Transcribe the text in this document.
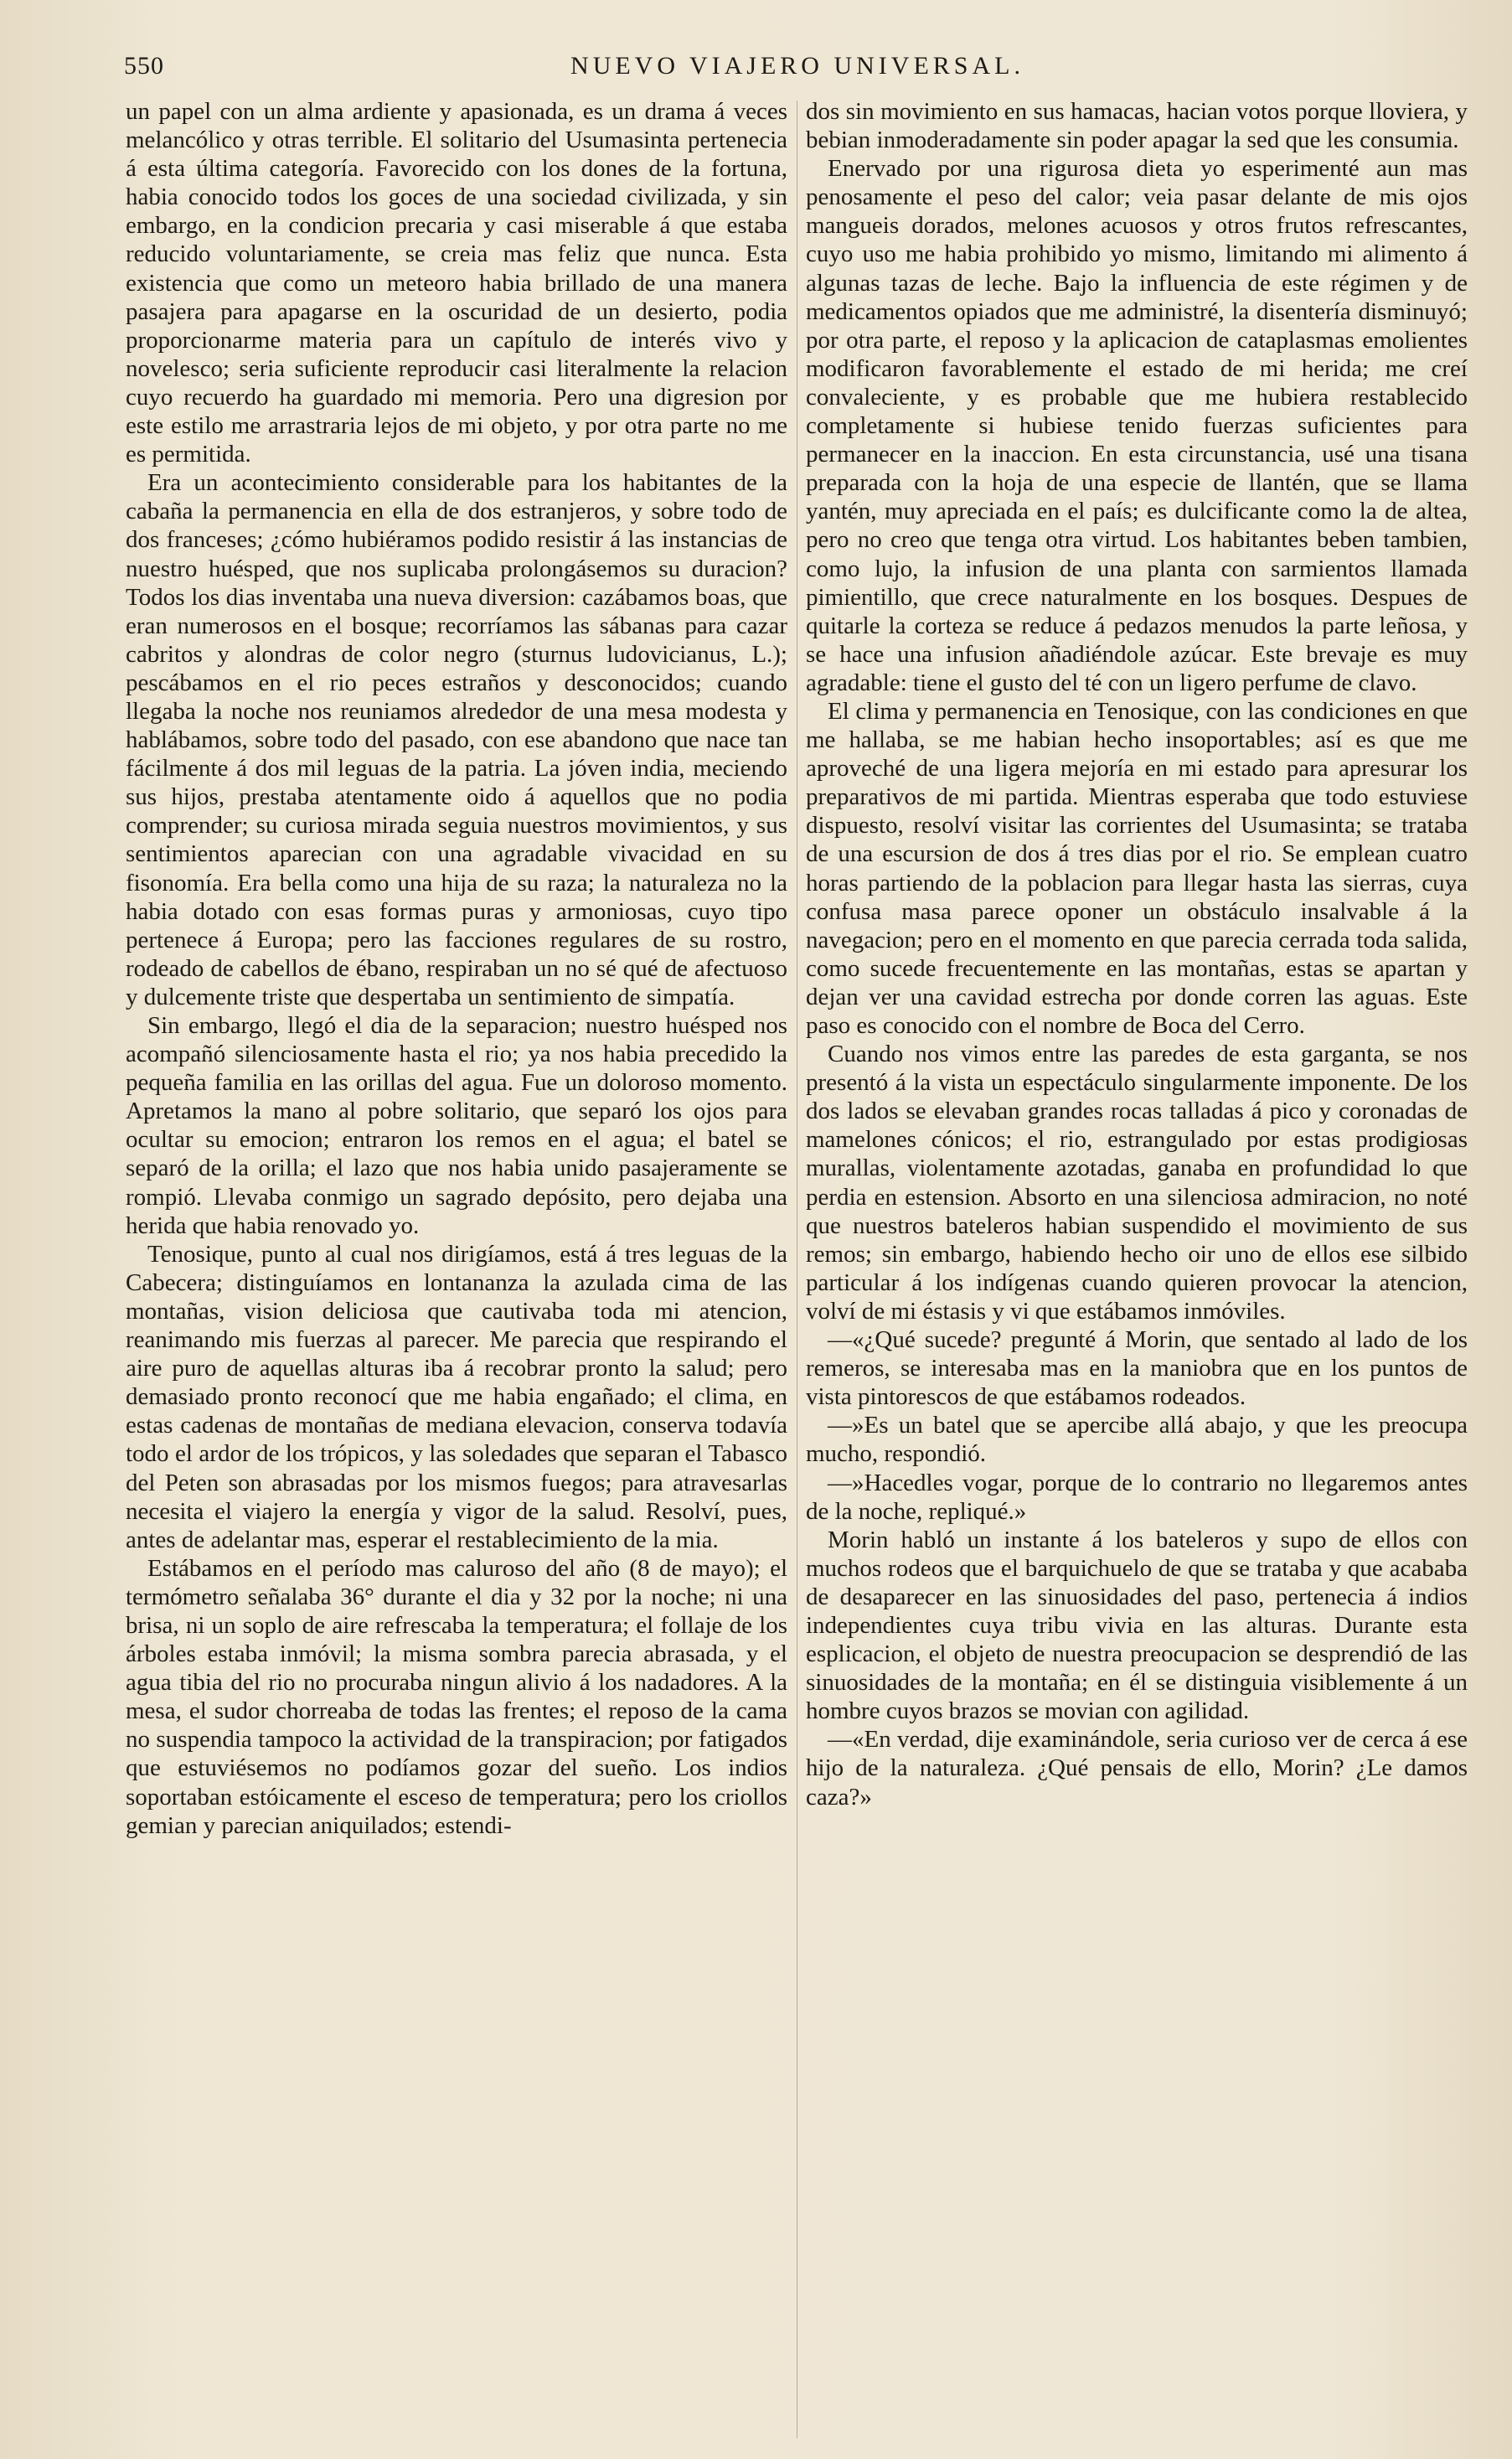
550	NUEVO VIAJERO UNIVERSAL.

un papel con un alma ardiente y apasionada, es un drama á veces melancólico y otras terrible. El solitario del Usumasinta pertenecia á esta última categoría. Favorecido con los dones de la fortuna, habia conocido todos los goces de una sociedad civilizada, y sin embargo, en la condicion precaria y casi miserable á que estaba reducido voluntariamente, se creia mas feliz que nunca. Esta existencia que como un meteoro habia brillado de una manera pasajera para apagarse en la oscuridad de un desierto, podia proporcionarme materia para un capítulo de interés vivo y novelesco; seria suficiente reproducir casi literalmente la relacion cuyo recuerdo ha guardado mi memoria. Pero una digresion por este estilo me arrastraria lejos de mi objeto, y por otra parte no me es permitida.

Era un acontecimiento considerable para los habitantes de la cabaña la permanencia en ella de dos estranjeros, y sobre todo de dos franceses; ¿cómo hubiéramos podido resistir á las instancias de nuestro huésped, que nos suplicaba prolongásemos su duracion? Todos los dias inventaba una nueva diversion: cazábamos boas, que eran numerosos en el bosque; recorríamos las sábanas para cazar cabritos y alondras de color negro (sturnus ludovicianus, L.); pescábamos en el rio peces estraños y desconocidos; cuando llegaba la noche nos reuniamos alrededor de una mesa modesta y hablábamos, sobre todo del pasado, con ese abandono que nace tan fácilmente á dos mil leguas de la patria. La jóven india, meciendo sus hijos, prestaba atentamente oido á aquellos que no podia comprender; su curiosa mirada seguia nuestros movimientos, y sus sentimientos aparecian con una agradable vivacidad en su fisonomía. Era bella como una hija de su raza; la naturaleza no la habia dotado con esas formas puras y armoniosas, cuyo tipo pertenece á Europa; pero las facciones regulares de su rostro, rodeado de cabellos de ébano, respiraban un no sé qué de afectuoso y dulcemente triste que despertaba un sentimiento de simpatía.

Sin embargo, llegó el dia de la separacion; nuestro huésped nos acompañó silenciosamente hasta el rio; ya nos habia precedido la pequeña familia en las orillas del agua. Fue un doloroso momento. Apretamos la mano al pobre solitario, que separó los ojos para ocultar su emocion; entraron los remos en el agua; el batel se separó de la orilla; el lazo que nos habia unido pasajeramente se rompió. Llevaba conmigo un sagrado depósito, pero dejaba una herida que habia renovado yo.

Tenosique, punto al cual nos dirigíamos, está á tres leguas de la Cabecera; distinguíamos en lontananza la azulada cima de las montañas, vision deliciosa que cautivaba toda mi atencion, reanimando mis fuerzas al parecer. Me parecia que respirando el aire puro de aquellas alturas iba á recobrar pronto la salud; pero demasiado pronto reconocí que me habia engañado; el clima, en estas cadenas de montañas de mediana elevacion, conserva todavía todo el ardor de los trópicos, y las soledades que separan el Tabasco del Peten son abrasadas por los mismos fuegos; para atravesarlas necesita el viajero la energía y vigor de la salud. Resolví, pues, antes de adelantar mas, esperar el restablecimiento de la mia.

Estábamos en el período mas caluroso del año (8 de mayo); el termómetro señalaba 36° durante el dia y 32 por la noche; ni una brisa, ni un soplo de aire refrescaba la temperatura; el follaje de los árboles estaba inmóvil; la misma sombra parecia abrasada, y el agua tibia del rio no procuraba ningun alivio á los nadadores. A la mesa, el sudor chorreaba de todas las frentes; el reposo de la cama no suspendia tampoco la actividad de la transpiracion; por fatigados que estuviésemos no podíamos gozar del sueño. Los indios soportaban estóicamente el esceso de temperatura; pero los criollos gemian y parecian aniquilados; estendi-

dos sin movimiento en sus hamacas, hacian votos porque lloviera, y bebian inmoderadamente sin poder apagar la sed que les consumia.

Enervado por una rigurosa dieta yo esperimenté aun mas penosamente el peso del calor; veia pasar delante de mis ojos mangueis dorados, melones acuosos y otros frutos refrescantes, cuyo uso me habia prohibido yo mismo, limitando mi alimento á algunas tazas de leche. Bajo la influencia de este régimen y de medicamentos opiados que me administré, la disentería disminuyó; por otra parte, el reposo y la aplicacion de cataplasmas emolientes modificaron favorablemente el estado de mi herida; me creí convaleciente, y es probable que me hubiera restablecido completamente si hubiese tenido fuerzas suficientes para permanecer en la inaccion. En esta circunstancia, usé una tisana preparada con la hoja de una especie de llantén, que se llama yantén, muy apreciada en el país; es dulcificante como la de altea, pero no creo que tenga otra virtud. Los habitantes beben tambien, como lujo, la infusion de una planta con sarmientos llamada pimientillo, que crece naturalmente en los bosques. Despues de quitarle la corteza se reduce á pedazos menudos la parte leñosa, y se hace una infusion añadiéndole azúcar. Este brevaje es muy agradable: tiene el gusto del té con un ligero perfume de clavo.

El clima y permanencia en Tenosique, con las condiciones en que me hallaba, se me habian hecho insoportables; así es que me aproveché de una ligera mejoría en mi estado para apresurar los preparativos de mi partida. Mientras esperaba que todo estuviese dispuesto, resolví visitar las corrientes del Usumasinta; se trataba de una escursion de dos á tres dias por el rio. Se emplean cuatro horas partiendo de la poblacion para llegar hasta las sierras, cuya confusa masa parece oponer un obstáculo insalvable á la navegacion; pero en el momento en que parecia cerrada toda salida, como sucede frecuentemente en las montañas, estas se apartan y dejan ver una cavidad estrecha por donde corren las aguas. Este paso es conocido con el nombre de Boca del Cerro.

Cuando nos vimos entre las paredes de esta garganta, se nos presentó á la vista un espectáculo singularmente imponente. De los dos lados se elevaban grandes rocas talladas á pico y coronadas de mamelones cónicos; el rio, estrangulado por estas prodigiosas murallas, violentamente azotadas, ganaba en profundidad lo que perdia en estension. Absorto en una silenciosa admiracion, no noté que nuestros bateleros habian suspendido el movimiento de sus remos; sin embargo, habiendo hecho oir uno de ellos ese silbido particular á los indígenas cuando quieren provocar la atencion, volví de mi éstasis y vi que estábamos inmóviles.

—«¿Qué sucede? pregunté á Morin, que sentado al lado de los remeros, se interesaba mas en la maniobra que en los puntos de vista pintorescos de que estábamos rodeados.

—»Es un batel que se apercibe allá abajo, y que les preocupa mucho, respondió.

—»Hacedles vogar, porque de lo contrario no llegaremos antes de la noche, repliqué.»

Morin habló un instante á los bateleros y supo de ellos con muchos rodeos que el barquichuelo de que se trataba y que acababa de desaparecer en las sinuosidades del paso, pertenecia á indios independientes cuya tribu vivia en las alturas. Durante esta esplicacion, el objeto de nuestra preocupacion se desprendió de las sinuosidades de la montaña; en él se distinguia visiblemente á un hombre cuyos brazos se movian con agilidad.

—«En verdad, dije examinándole, seria curioso ver de cerca á ese hijo de la naturaleza. ¿Qué pensais de ello, Morin? ¿Le damos caza?»
